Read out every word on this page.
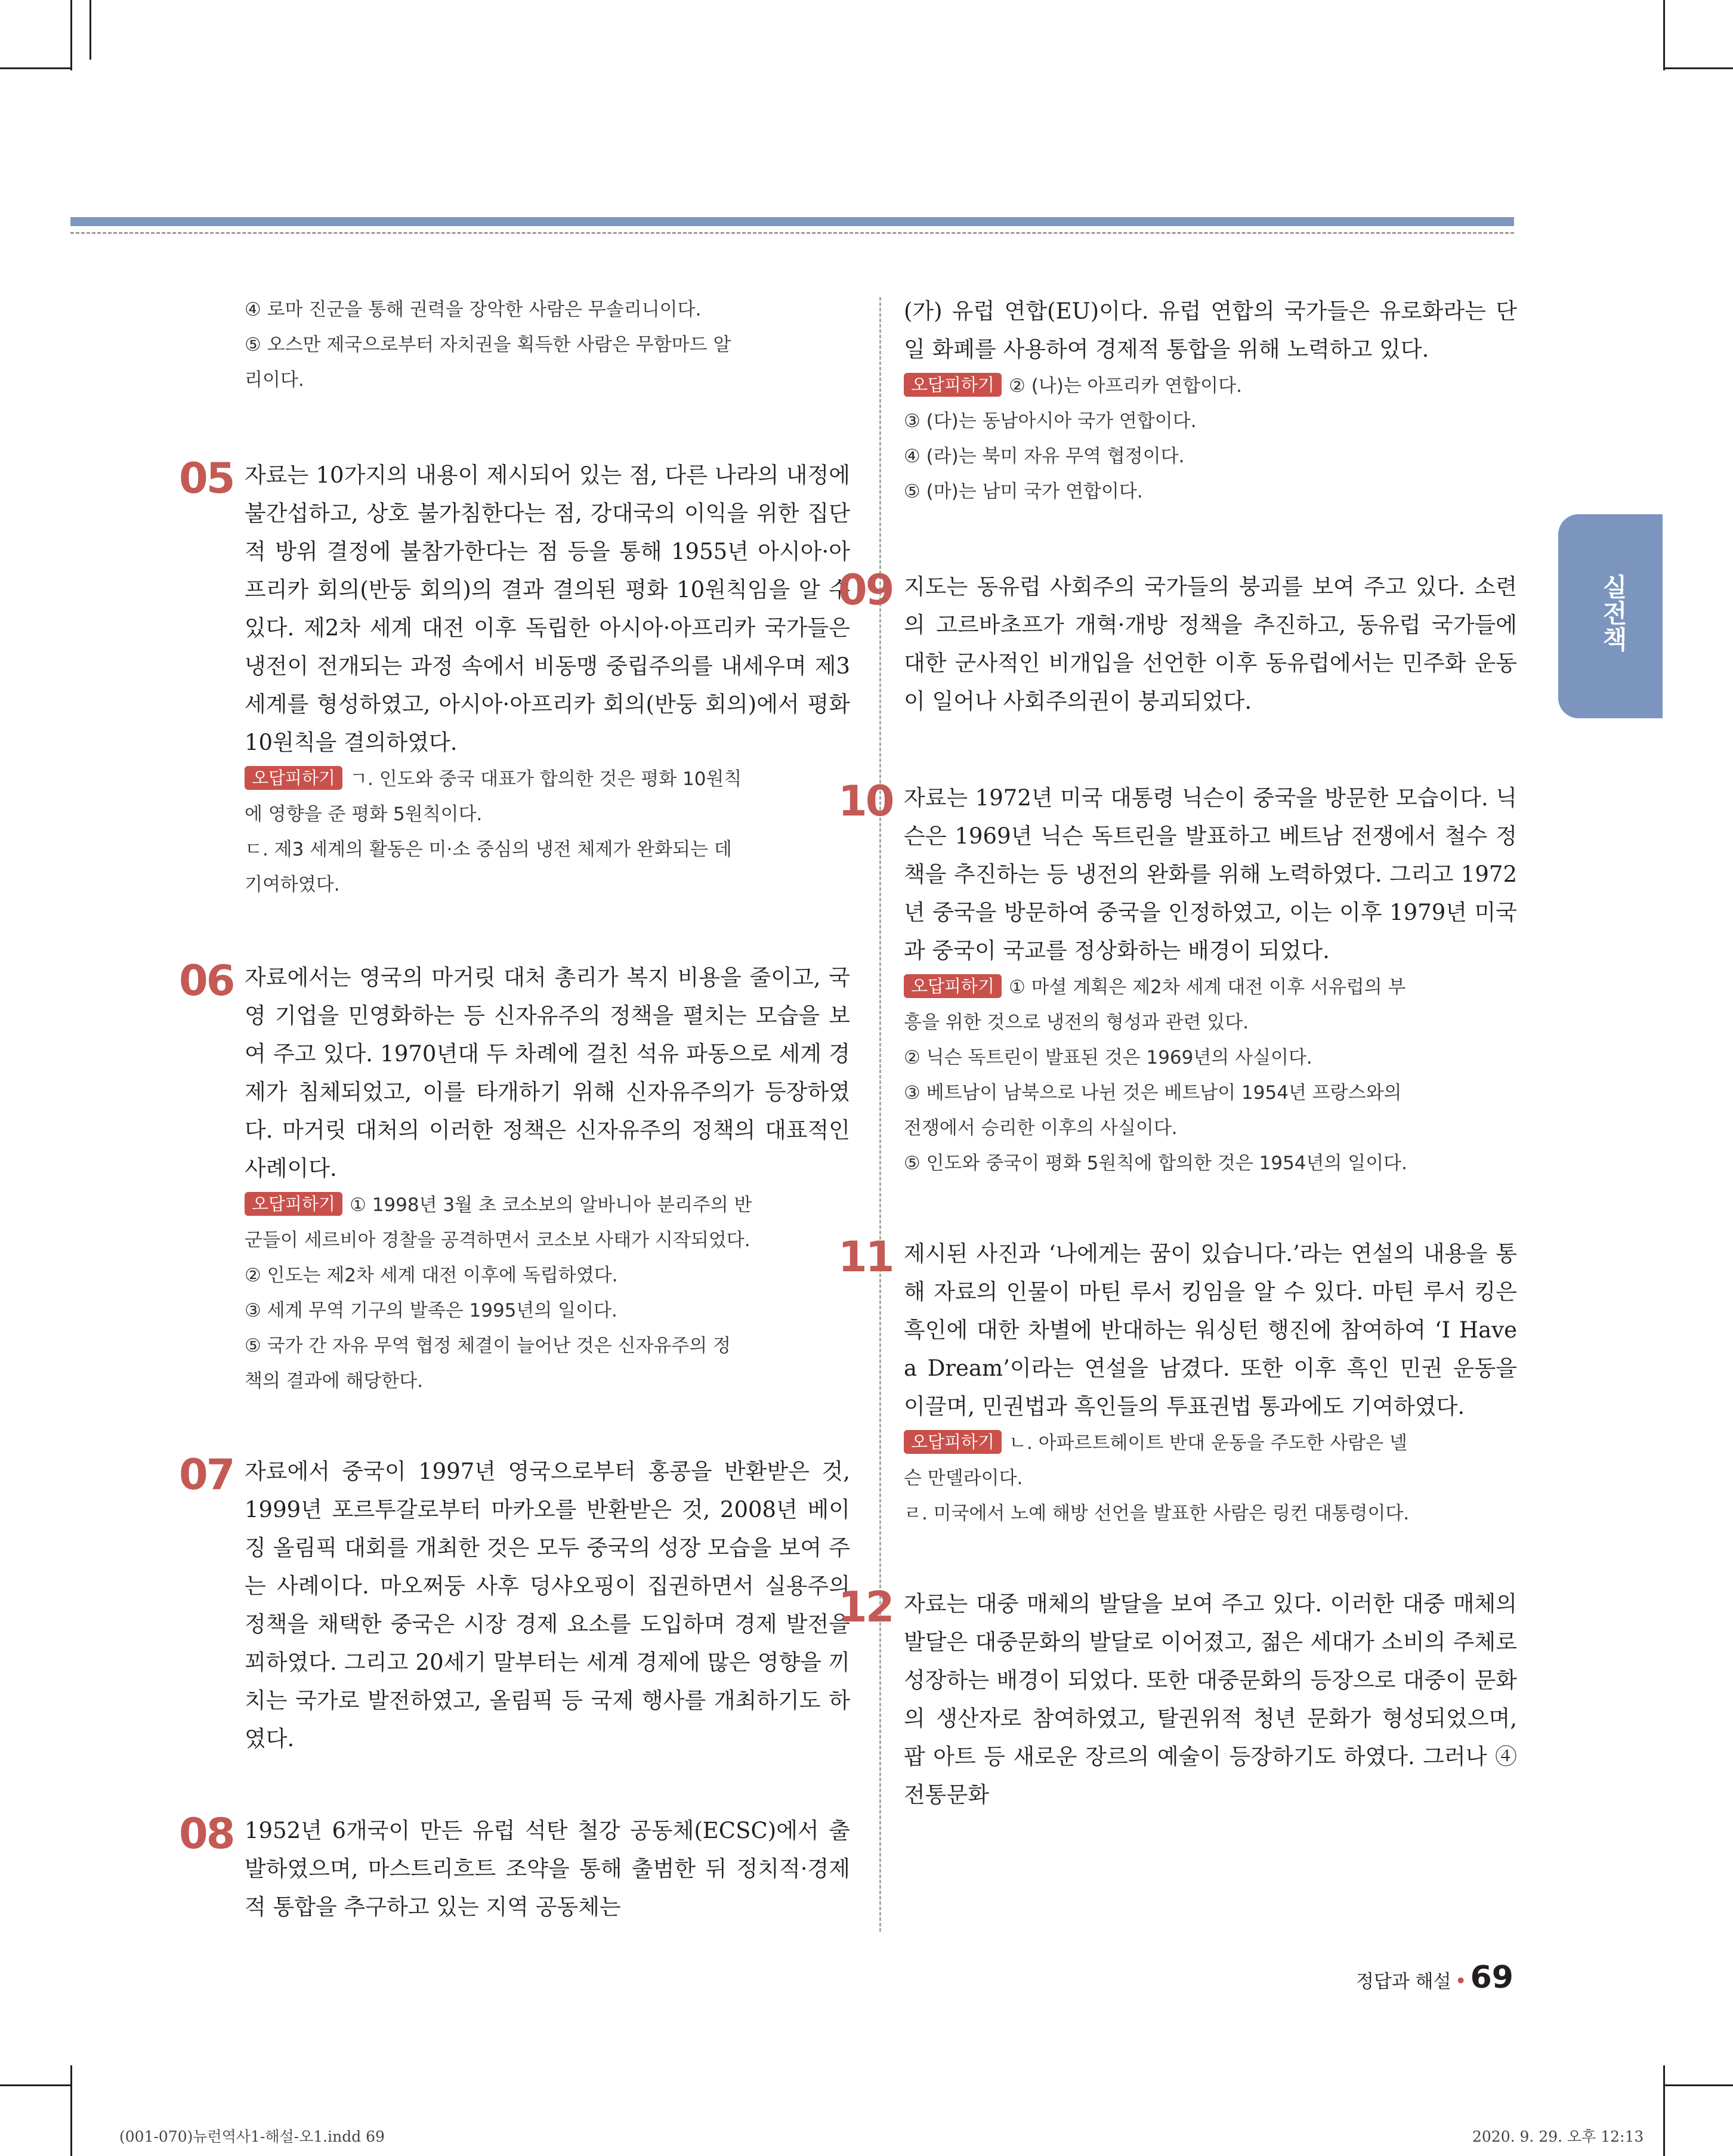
④ 로마 진군을 통해 권력을 장악한 사람은 무솔리니이다.

⑤ 오스만 제국으로부터 자치권을 획득한 사람은 무함마드 알

리이다.

05 자료는 10가지의 내용이 제시되어 있는 점, 다른 나라의 내정에 불간섭하고, 상호 불가침한다는 점, 강대국의 이익을 위한 집단적 방위 결정에 불참가한다는 점 등을 통해 1955년 아시아·아프리카 회의(반둥 회의)의 결과 결의된 평화 10원칙임을 알 수 있다. 제2차 세계 대전 이후 독립한 아시아·아프리카 국가들은 냉전이 전개되는 과정 속에서 비동맹 중립주의를 내세우며 제3 세계를 형성하였고, 아시아·아프리카 회의(반둥 회의)에서 평화 10원칙을 결의하였다.

오답피하기 ㄱ. 인도와 중국 대표가 합의한 것은 평화 10원칙

에 영향을 준 평화 5원칙이다.

ㄷ. 제3 세계의 활동은 미·소 중심의 냉전 체제가 완화되는 데

기여하였다.

06 자료에서는 영국의 마거릿 대처 총리가 복지 비용을 줄이고, 국영 기업을 민영화하는 등 신자유주의 정책을 펼치는 모습을 보여 주고 있다. 1970년대 두 차례에 걸친 석유 파동으로 세계 경제가 침체되었고, 이를 타개하기 위해 신자유주의가 등장하였다. 마거릿 대처의 이러한 정책은 신자유주의 정책의 대표적인 사례이다.

오답피하기 ① 1998년 3월 초 코소보의 알바니아 분리주의 반

군들이 세르비아 경찰을 공격하면서 코소보 사태가 시작되었다.

② 인도는 제2차 세계 대전 이후에 독립하였다.

③ 세계 무역 기구의 발족은 1995년의 일이다.

⑤ 국가 간 자유 무역 협정 체결이 늘어난 것은 신자유주의 정

책의 결과에 해당한다.

07 자료에서 중국이 1997년 영국으로부터 홍콩을 반환받은 것, 1999년 포르투갈로부터 마카오를 반환받은 것, 2008년 베이징 올림픽 대회를 개최한 것은 모두 중국의 성장 모습을 보여 주는 사례이다. 마오쩌둥 사후 덩샤오핑이 집권하면서 실용주의 정책을 채택한 중국은 시장 경제 요소를 도입하며 경제 발전을 꾀하였다. 그리고 20세기 말부터는 세계 경제에 많은 영향을 끼치는 국가로 발전하였고, 올림픽 등 국제 행사를 개최하기도 하였다.

08 1952년 6개국이 만든 유럽 석탄 철강 공동체(ECSC)에서 출발하였으며, 마스트리흐트 조약을 통해 출범한 뒤 정치적·경제적 통합을 추구하고 있는 지역 공동체는

(가) 유럽 연합(EU)이다. 유럽 연합의 국가들은 유로화라는 단일 화폐를 사용하여 경제적 통합을 위해 노력하고 있다.

오답피하기 ② (나)는 아프리카 연합이다.

③ (다)는 동남아시아 국가 연합이다.

④ (라)는 북미 자유 무역 협정이다.

⑤ (마)는 남미 국가 연합이다.

09 지도는 동유럽 사회주의 국가들의 붕괴를 보여 주고 있다. 소련의 고르바초프가 개혁·개방 정책을 추진하고, 동유럽 국가들에 대한 군사적인 비개입을 선언한 이후 동유럽에서는 민주화 운동이 일어나 사회주의권이 붕괴되었다.

10 자료는 1972년 미국 대통령 닉슨이 중국을 방문한 모습이다. 닉슨은 1969년 닉슨 독트린을 발표하고 베트남 전쟁에서 철수 정책을 추진하는 등 냉전의 완화를 위해 노력하였다. 그리고 1972년 중국을 방문하여 중국을 인정하였고, 이는 이후 1979년 미국과 중국이 국교를 정상화하는 배경이 되었다.

오답피하기 ① 마셜 계획은 제2차 세계 대전 이후 서유럽의 부

흥을 위한 것으로 냉전의 형성과 관련 있다.

② 닉슨 독트린이 발표된 것은 1969년의 사실이다.

③ 베트남이 남북으로 나뉜 것은 베트남이 1954년 프랑스와의

전쟁에서 승리한 이후의 사실이다.

⑤ 인도와 중국이 평화 5원칙에 합의한 것은 1954년의 일이다.

11 제시된 사진과 ‘나에게는 꿈이 있습니다.’라는 연설의 내용을 통해 자료의 인물이 마틴 루서 킹임을 알 수 있다. 마틴 루서 킹은 흑인에 대한 차별에 반대하는 워싱턴 행진에 참여하여 ‘I Have a Dream’이라는 연설을 남겼다. 또한 이후 흑인 민권 운동을 이끌며, 민권법과 흑인들의 투표권법 통과에도 기여하였다.

오답피하기 ㄴ. 아파르트헤이트 반대 운동을 주도한 사람은 넬

슨 만델라이다.

ㄹ. 미국에서 노예 해방 선언을 발표한 사람은 링컨 대통령이다.

12 자료는 대중 매체의 발달을 보여 주고 있다. 이러한 대중 매체의 발달은 대중문화의 발달로 이어졌고, 젊은 세대가 소비의 주체로 성장하는 배경이 되었다. 또한 대중문화의 등장으로 대중이 문화의 생산자로 참여하였고, 탈권위적 청년 문화가 형성되었으며, 팝 아트 등 새로운 장르의 예술이 등장하기도 하였다. 그러나 ④ 전통문화

실전책
정답과 해설 • 69
(001-070)뉴런역사1-해설-오1.indd 69	2020. 9. 29. 오후 12:13
